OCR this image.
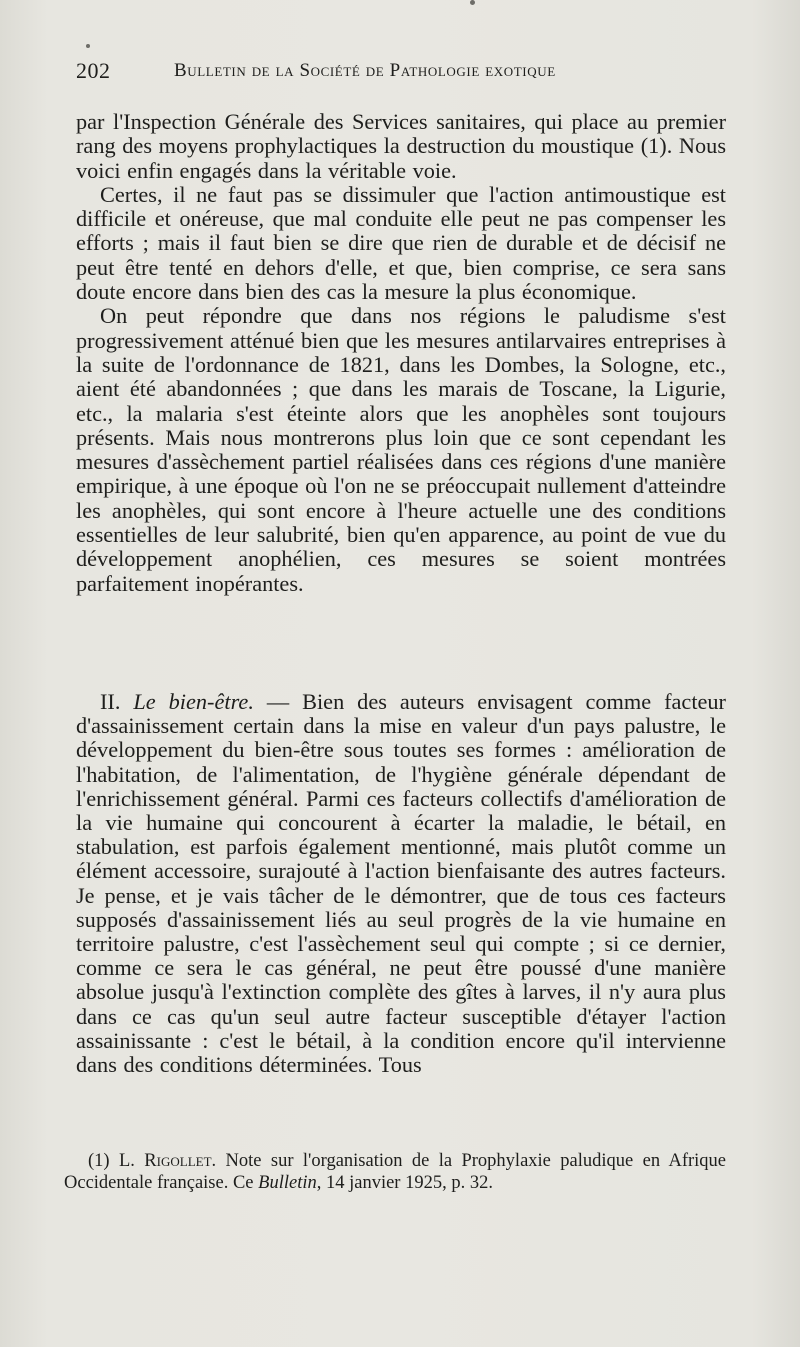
202	Bulletin de la Société de Pathologie exotique

par l'Inspection Générale des Services sanitaires, qui place au premier rang des moyens prophylactiques la destruction du moustique (1). Nous voici enfin engagés dans la véritable voie.

Certes, il ne faut pas se dissimuler que l'action antimoustique est difficile et onéreuse, que mal conduite elle peut ne pas compenser les efforts ; mais il faut bien se dire que rien de durable et de décisif ne peut être tenté en dehors d'elle, et que, bien comprise, ce sera sans doute encore dans bien des cas la mesure la plus économique.

On peut répondre que dans nos régions le paludisme s'est progressivement atténué bien que les mesures antilarvaires entreprises à la suite de l'ordonnance de 1821, dans les Dombes, la Sologne, etc., aient été abandonnées ; que dans les marais de Toscane, la Ligurie, etc., la malaria s'est éteinte alors que les anophèles sont toujours présents. Mais nous montrerons plus loin que ce sont cependant les mesures d'assèchement partiel réalisées dans ces régions d'une manière empirique, à une époque où l'on ne se préoccupait nullement d'atteindre les anophèles, qui sont encore à l'heure actuelle une des conditions essentielles de leur salubrité, bien qu'en apparence, au point de vue du développement anophélien, ces mesures se soient montrées parfaitement inopérantes.

II. Le bien-être. — Bien des auteurs envisagent comme facteur d'assainissement certain dans la mise en valeur d'un pays palustre, le développement du bien-être sous toutes ses formes : amélioration de l'habitation, de l'alimentation, de l'hygiène générale dépendant de l'enrichissement général. Parmi ces facteurs collectifs d'amélioration de la vie humaine qui concourent à écarter la maladie, le bétail, en stabulation, est parfois également mentionné, mais plutôt comme un élément accessoire, surajouté à l'action bienfaisante des autres facteurs. Je pense, et je vais tâcher de le démontrer, que de tous ces facteurs supposés d'assainissement liés au seul progrès de la vie humaine en territoire palustre, c'est l'assèchement seul qui compte ; si ce dernier, comme ce sera le cas général, ne peut être poussé d'une manière absolue jusqu'à l'extinction complète des gîtes à larves, il n'y aura plus dans ce cas qu'un seul autre facteur susceptible d'étayer l'action assainissante : c'est le bétail, à la condition encore qu'il intervienne dans des conditions déterminées. Tous

(1) L. Rigollet. Note sur l'organisation de la Prophylaxie paludique en Afrique Occidentale française. Ce Bulletin, 14 janvier 1925, p. 32.
